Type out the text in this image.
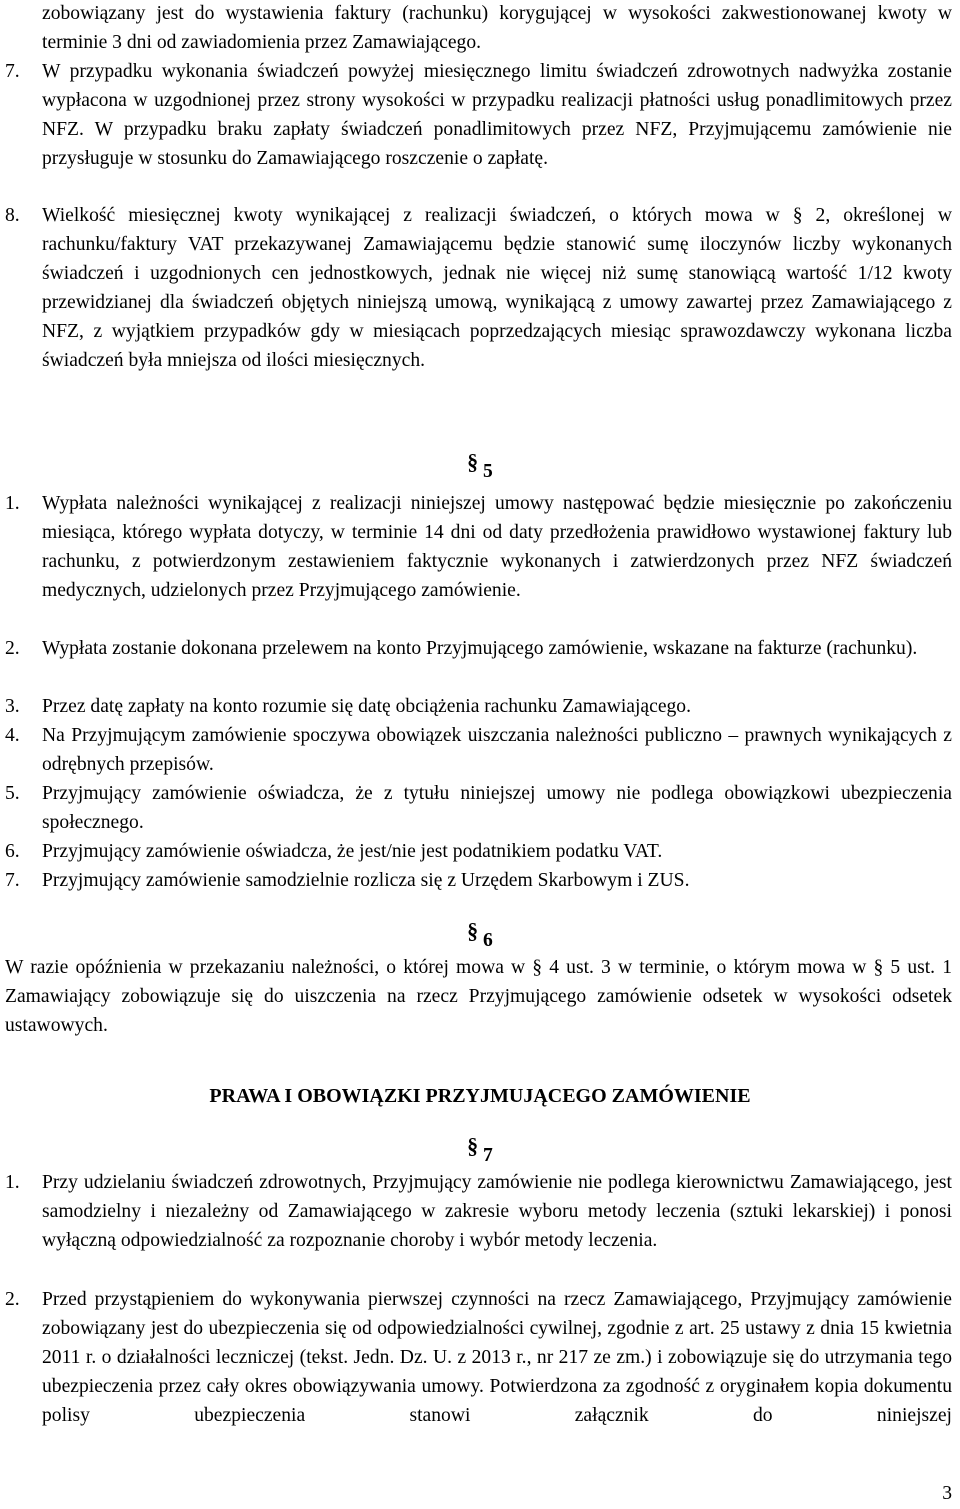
zobowiązany jest do wystawienia faktury (rachunku) korygującej w wysokości zakwestionowanej kwoty w terminie 3 dni od zawiadomienia przez Zamawiającego.
7.	W przypadku wykonania świadczeń powyżej miesięcznego limitu świadczeń zdrowotnych nadwyżka zostanie wypłacona w uzgodnionej przez strony wysokości w przypadku realizacji płatności usług ponadlimitowych przez NFZ. W przypadku braku zapłaty świadczeń ponadlimitowych przez NFZ, Przyjmującemu zamówienie nie przysługuje w stosunku do Zamawiającego roszczenie o zapłatę.
8.	Wielkość miesięcznej kwoty wynikającej z realizacji świadczeń, o których mowa w § 2, określonej w rachunku/faktury VAT przekazywanej Zamawiającemu będzie stanowić sumę iloczynów liczby wykonanych świadczeń i uzgodnionych cen jednostkowych, jednak nie więcej niż sumę stanowiącą wartość 1/12 kwoty przewidzianej dla świadczeń objętych niniejszą umową, wynikającą z umowy zawartej przez Zamawiającego z NFZ, z wyjątkiem przypadków gdy w miesiącach poprzedzających miesiąc sprawozdawczy wykonana liczba świadczeń była mniejsza od ilości miesięcznych.
§ 5
1.	Wypłata należności wynikającej z realizacji niniejszej umowy następować będzie miesięcznie po zakończeniu miesiąca, którego wypłata dotyczy, w terminie 14 dni od daty przedłożenia prawidłowo wystawionej faktury lub rachunku, z potwierdzonym zestawieniem faktycznie wykonanych i zatwierdzonych przez NFZ świadczeń medycznych, udzielonych przez Przyjmującego zamówienie.
2.	Wypłata zostanie dokonana przelewem na konto Przyjmującego zamówienie, wskazane na fakturze (rachunku).
3.	Przez datę zapłaty na konto rozumie się datę obciążenia rachunku Zamawiającego.
4.	Na Przyjmującym zamówienie spoczywa obowiązek uiszczania należności publiczno – prawnych wynikających z odrębnych przepisów.
5.	Przyjmujący zamówienie oświadcza, że z tytułu niniejszej umowy nie podlega obowiązkowi ubezpieczenia społecznego.
6.	Przyjmujący zamówienie oświadcza, że jest/nie jest podatnikiem podatku VAT.
7.	Przyjmujący zamówienie samodzielnie rozlicza się z Urzędem Skarbowym i ZUS.
§ 6
W razie opóźnienia w przekazaniu należności, o której mowa w § 4 ust. 3 w terminie, o którym mowa w § 5 ust. 1 Zamawiający zobowiązuje się do uiszczenia na rzecz Przyjmującego zamówienie odsetek w wysokości odsetek ustawowych.
PRAWA I OBOWIĄZKI PRZYJMUJĄCEGO ZAMÓWIENIE
§ 7
1.	Przy udzielaniu świadczeń zdrowotnych, Przyjmujący zamówienie nie podlega kierownictwu Zamawiającego, jest samodzielny i niezależny od Zamawiającego w zakresie wyboru metody leczenia (sztuki lekarskiej) i ponosi wyłączną odpowiedzialność za rozpoznanie choroby i wybór metody leczenia.
2.	Przed przystąpieniem do wykonywania pierwszej czynności na rzecz Zamawiającego, Przyjmujący zamówienie zobowiązany jest do ubezpieczenia się od odpowiedzialności cywilnej, zgodnie z art. 25 ustawy z dnia 15 kwietnia 2011 r. o działalności leczniczej (tekst. Jedn. Dz. U. z 2013 r., nr 217 ze zm.) i zobowiązuje się do utrzymania tego ubezpieczenia przez cały okres obowiązywania umowy. Potwierdzona za zgodność z oryginałem kopia dokumentu polisy ubezpieczenia stanowi załącznik do niniejszej
3
